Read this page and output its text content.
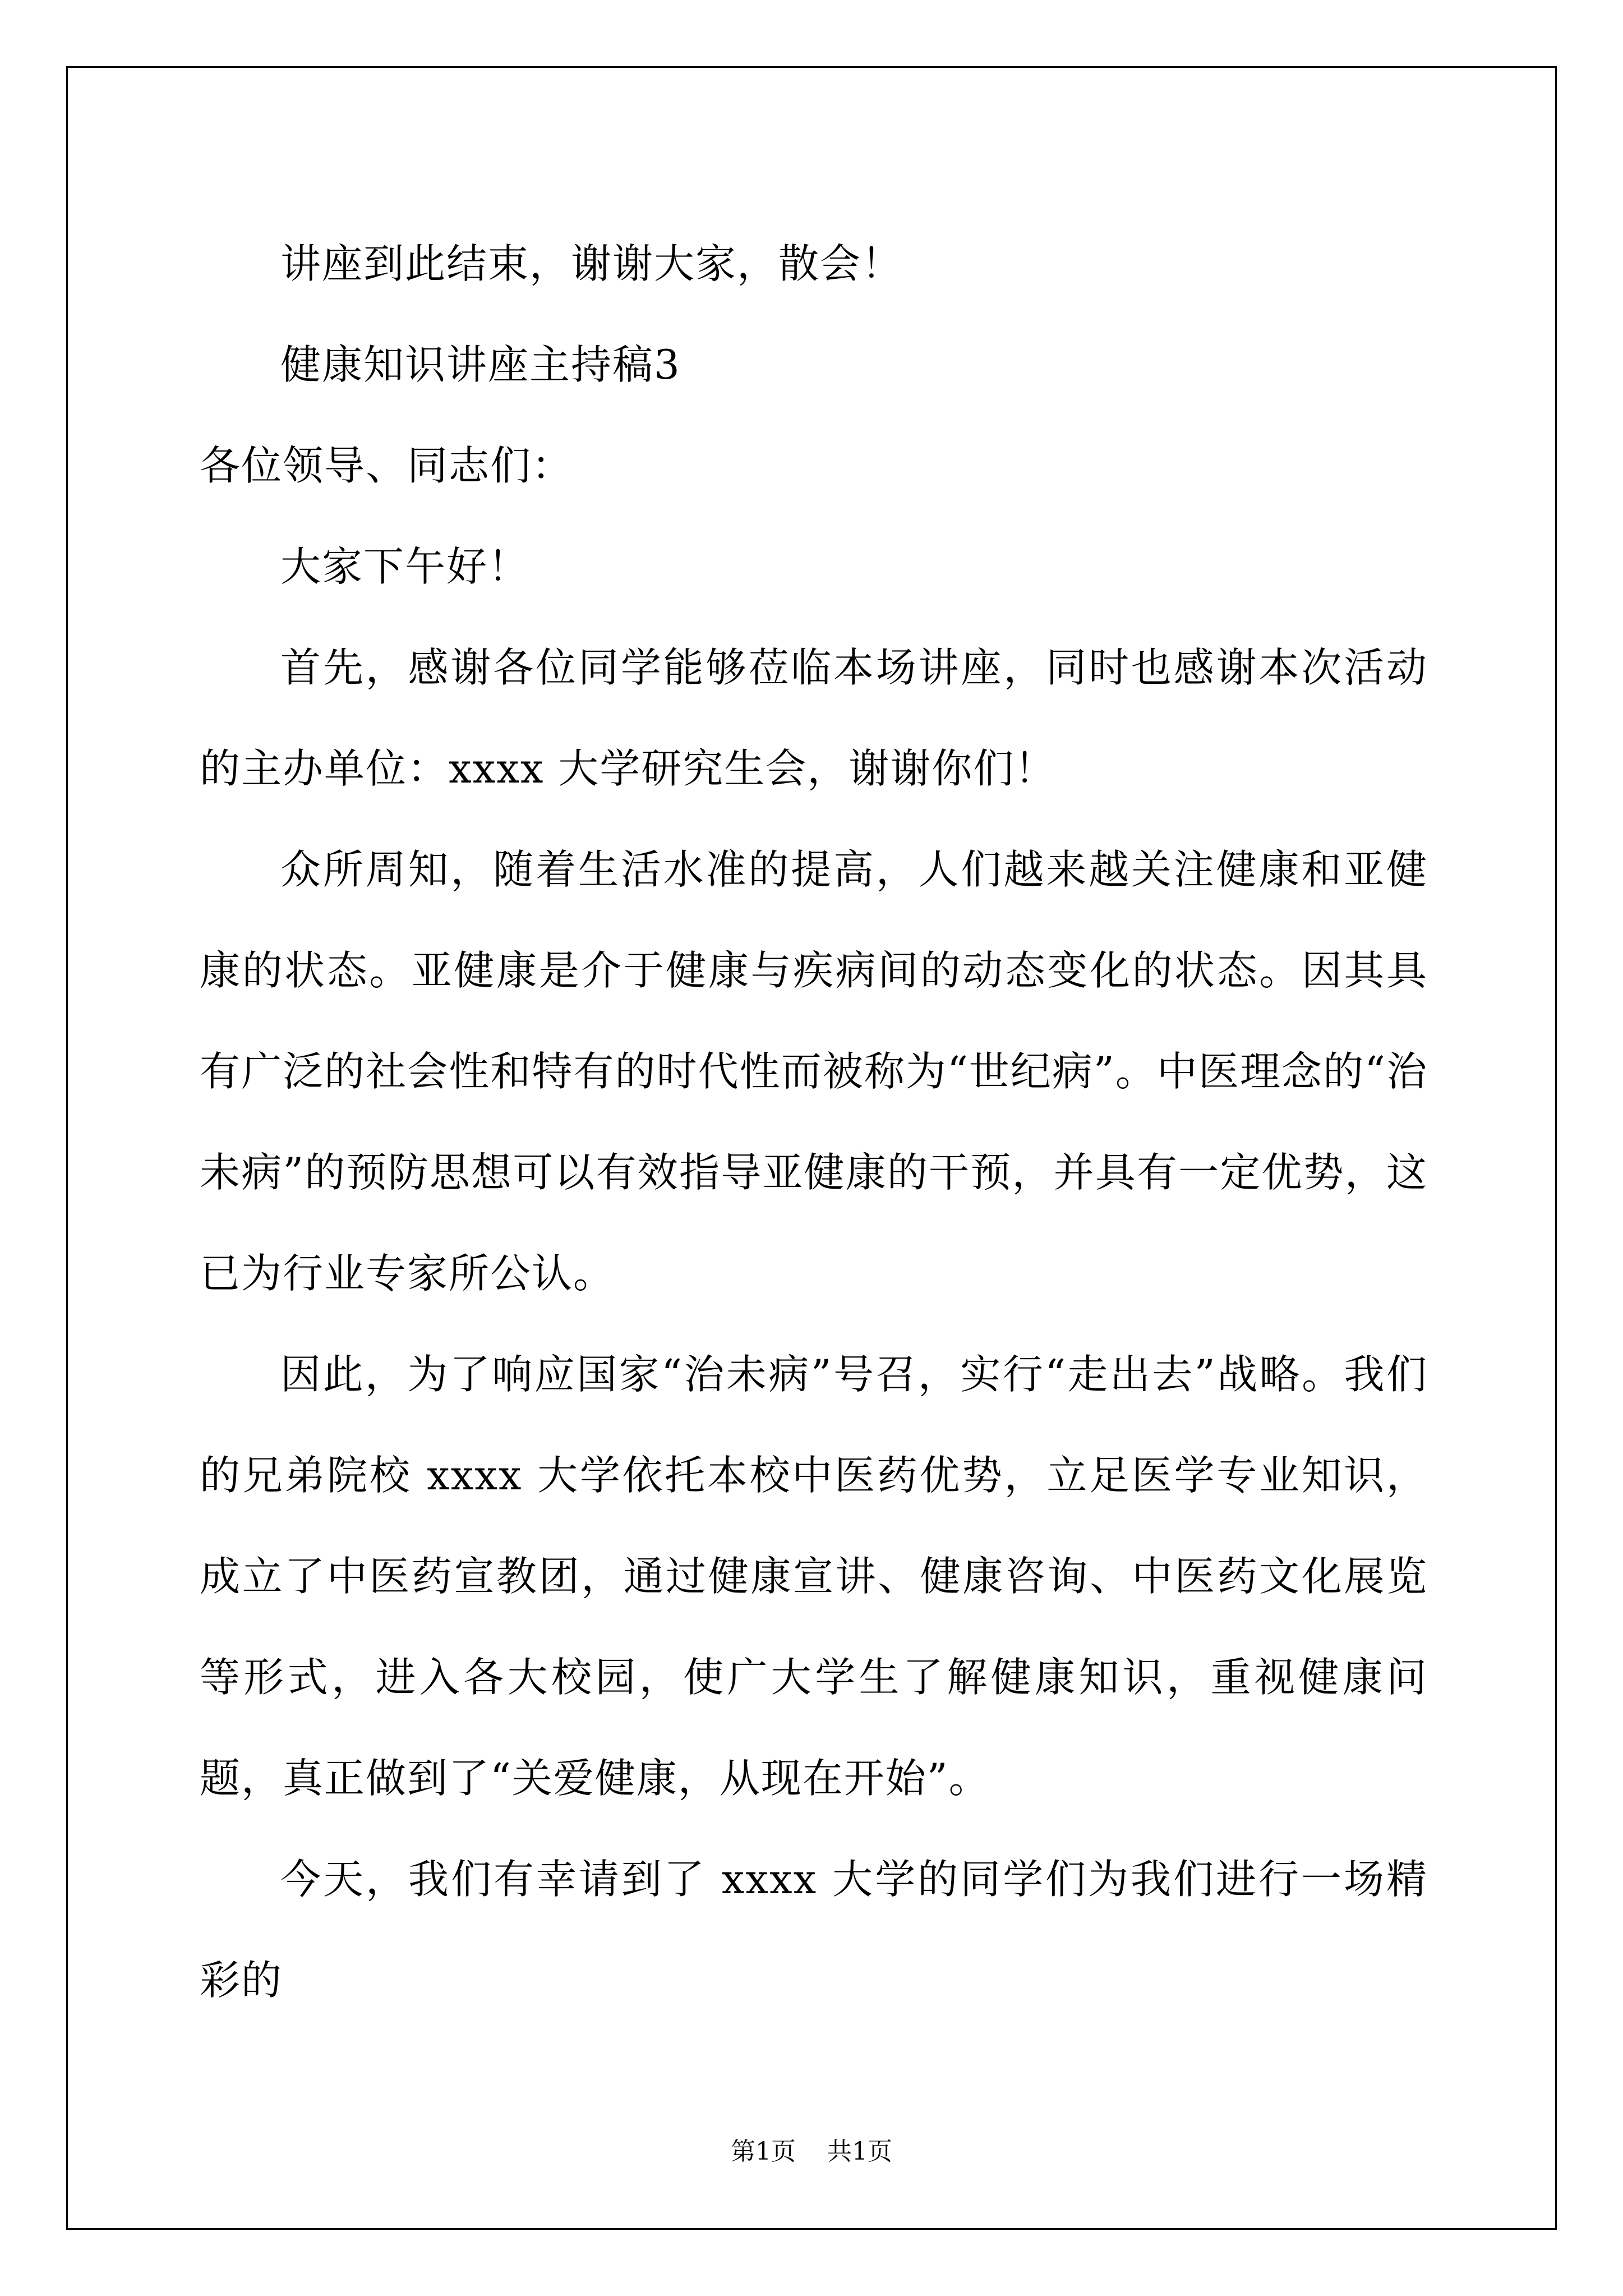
讲座到此结束，谢谢大家，散会！

健康知识讲座主持稿3

各位领导、同志们：

大家下午好！

首先，感谢各位同学能够莅临本场讲座，同时也感谢本次活动的主办单位：xxxx 大学研究生会，谢谢你们！

众所周知，随着生活水准的提高，人们越来越关注健康和亚健康的状态。亚健康是介于健康与疾病间的动态变化的状态。因其具有广泛的社会性和特有的时代性而被称为“世纪病”。中医理念的“治未病”的预防思想可以有效指导亚健康的干预，并具有一定优势，这已为行业专家所公认。

因此，为了响应国家“治未病”号召，实行“走出去”战略。我们的兄弟院校 xxxx 大学依托本校中医药优势，立足医学专业知识，成立了中医药宣教团，通过健康宣讲、健康咨询、中医药文化展览等形式，进入各大校园，使广大学生了解健康知识，重视健康问题，真正做到了“关爱健康，从现在开始”。

今天，我们有幸请到了 xxxx 大学的同学们为我们进行一场精彩的

第1页 共1页
